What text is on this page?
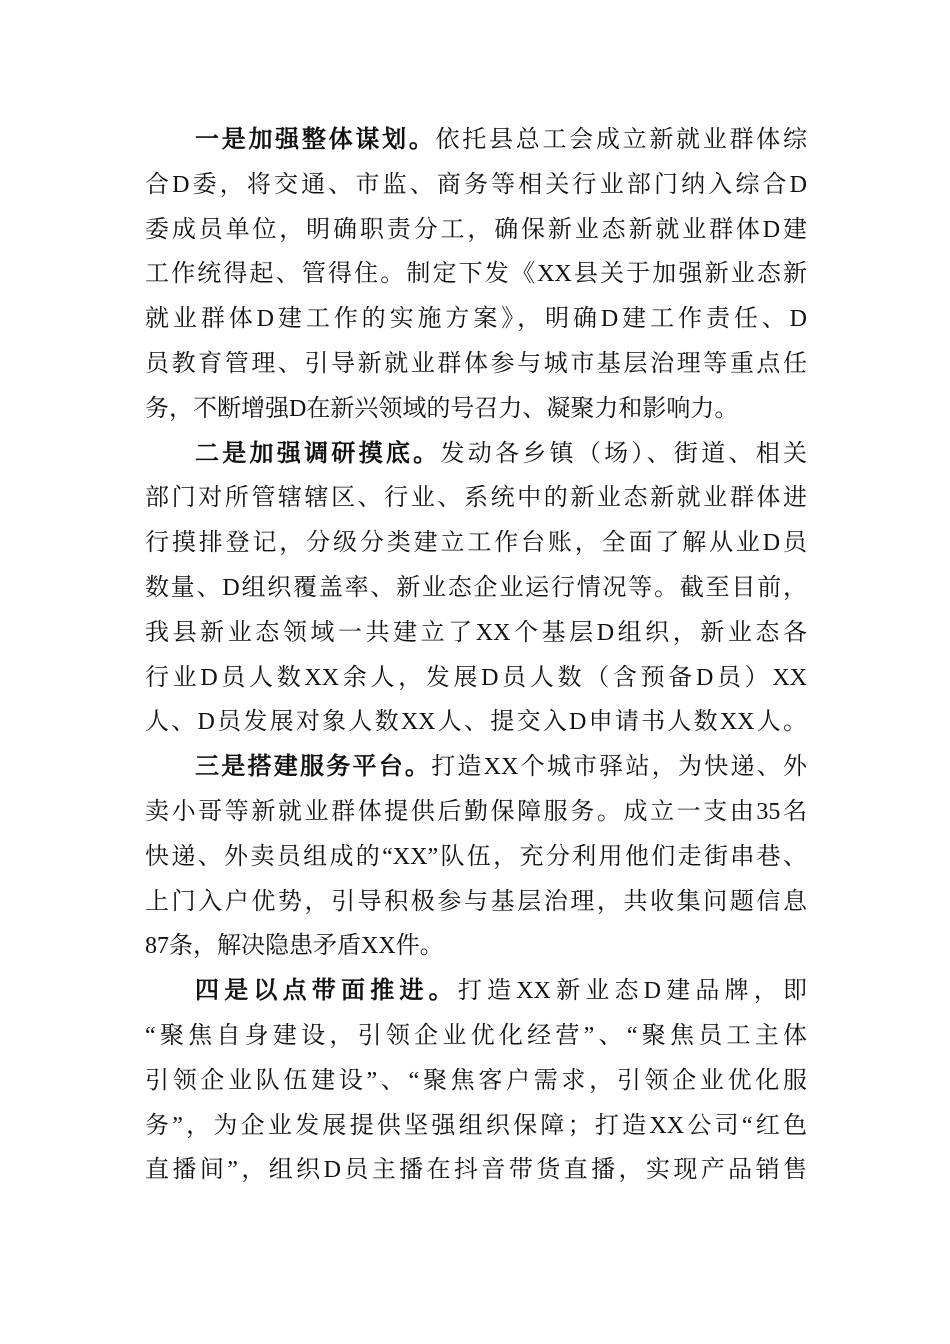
一是加强整体谋划。依托县总工会成立新就业群体综
合D委，将交通、市监、商务等相关行业部门纳入综合D
委成员单位，明确职责分工，确保新业态新就业群体D建
工作统得起、管得住。制定下发《XX县关于加强新业态新
就业群体D建工作的实施方案》，明确D建工作责任、D
员教育管理、引导新就业群体参与城市基层治理等重点任
务，不断增强D在新兴领域的号召力、凝聚力和影响力。
二是加强调研摸底。发动各乡镇（场）、街道、相关
部门对所管辖辖区、行业、系统中的新业态新就业群体进
行摸排登记，分级分类建立工作台账，全面了解从业D员
数量、D组织覆盖率、新业态企业运行情况等。截至目前，
我县新业态领域一共建立了XX个基层D组织，新业态各
行业D员人数XX余人，发展D员人数（含预备D员）XX
人、D员发展对象人数XX人、提交入D申请书人数XX人。
三是搭建服务平台。打造XX个城市驿站，为快递、外
卖小哥等新就业群体提供后勤保障服务。成立一支由35名
快递、外卖员组成的“XX”队伍，充分利用他们走街串巷、
上门入户优势，引导积极参与基层治理，共收集问题信息
87条，解决隐患矛盾XX件。
四是以点带面推进。打造XX新业态D建品牌，即
“聚焦自身建设，引领企业优化经营”、“聚焦员工主体
引领企业队伍建设”、“聚焦客户需求，引领企业优化服
务”，为企业发展提供坚强组织保障；打造XX公司“红色
直播间”，组织D员主播在抖音带货直播，实现产品销售
